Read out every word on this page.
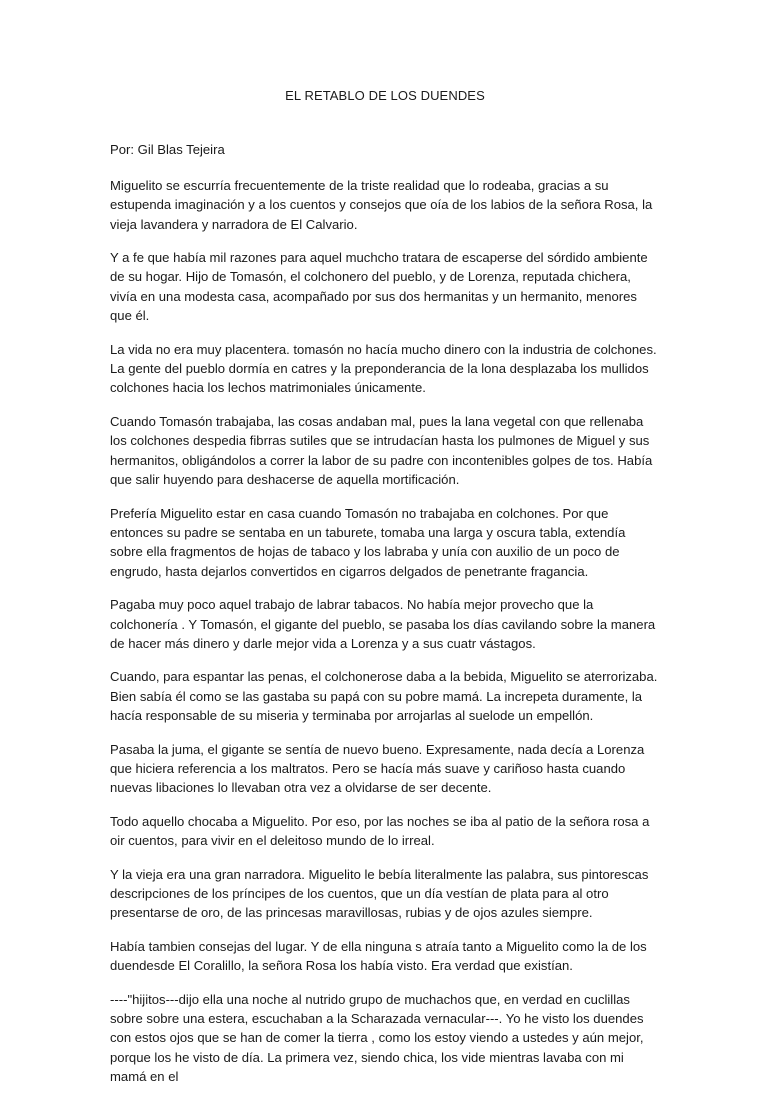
EL RETABLO DE LOS DUENDES

Por: Gil Blas Tejeira

Miguelito se escurría frecuentemente de la triste realidad que lo rodeaba, gracias a su estupenda imaginación y a los cuentos y consejos que oía de los labios de la señora Rosa, la vieja lavandera y narradora de El Calvario.

Y a fe que había mil razones para aquel muchcho tratara de escaperse del sórdido ambiente de su hogar. Hijo de Tomasón, el colchonero del pueblo, y de Lorenza, reputada chichera, vivía en una modesta casa, acompañado por sus dos hermanitas y un hermanito, menores que él.

La vida no era muy placentera. tomasón no hacía mucho dinero con la industria de colchones. La gente del pueblo dormía en catres y la preponderancia de la lona desplazaba los mullidos colchones hacia los lechos matrimoniales únicamente.

Cuando Tomasón trabajaba, las cosas andaban mal, pues la lana vegetal con que rellenaba los colchones despedia fibrras sutiles que se intrudacían hasta los pulmones de Miguel y sus hermanitos, obligándolos a correr la labor de su padre con incontenibles golpes de tos. Había que salir huyendo para deshacerse de aquella mortificación.

Prefería Miguelito estar en casa cuando Tomasón no trabajaba en colchones. Por que entonces su padre se sentaba en un taburete, tomaba una larga y oscura tabla, extendía sobre ella fragmentos de hojas de tabaco y los labraba y unía con auxilio de un poco de engrudo, hasta dejarlos convertidos en cigarros delgados de penetrante fragancia.

Pagaba muy poco aquel trabajo de labrar tabacos. No había mejor provecho que la colchonería . Y Tomasón, el gigante del pueblo, se pasaba los días cavilando sobre la manera de hacer más dinero y darle mejor vida a Lorenza y a sus cuatr vástagos.

Cuando, para espantar las penas, el colchonerose daba a la bebida, Miguelito se aterrorizaba. Bien sabía él como se las gastaba su papá con su pobre mamá. La increpeta duramente, la hacía responsable de su miseria y terminaba por arrojarlas al suelode un empellón.

Pasaba la juma, el gigante se sentía de nuevo bueno. Expresamente, nada decía a Lorenza que hiciera referencia a los maltratos. Pero se hacía más suave y cariñoso hasta cuando nuevas libaciones lo llevaban otra vez a olvidarse de ser decente.

Todo aquello chocaba a Miguelito. Por eso, por las noches se iba al patio de la señora rosa a oir cuentos, para vivir en el deleitoso mundo de lo irreal.

Y la vieja era una gran narradora. Miguelito le bebía literalmente las palabra, sus pintorescas descripciones de los príncipes de los cuentos, que un día vestían de plata para al otro presentarse de oro, de las princesas maravillosas, rubias y de ojos azules siempre.

Había tambien consejas del lugar. Y de ella ninguna s atraía tanto a Miguelito como la de los duendesde El Coralillo, la señora Rosa los había visto. Era verdad que existían.

----"hijitos---dijo ella una noche al nutrido grupo de muchachos que, en verdad en cuclillas sobre sobre una estera, escuchaban a la Scharazada vernacular---. Yo he visto los duendes con estos ojos que se han de comer la tierra , como los estoy viendo a ustedes y aún mejor, porque los he visto de día. La primera vez, siendo chica, los vide mientras lavaba con mi mamá en el
